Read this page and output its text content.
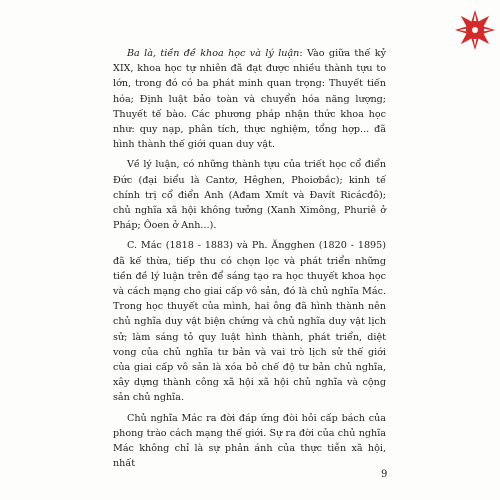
Ba là, tiền đề khoa học và lý luận: Vào giữa thế kỷ XIX, khoa học tự nhiên đã đạt được nhiều thành tựu to lớn, trong đó có ba phát minh quan trọng: Thuyết tiến hóa; Định luật bảo toàn và chuyển hóa năng lượng; Thuyết tế bào. Các phương pháp nhận thức khoa học như: quy nạp, phân tích, thực nghiệm, tổng hợp... đã hình thành thế giới quan duy vật.

Về lý luận, có những thành tựu của triết học cổ điển Đức (đại biểu là Cantơ, Hêghen, Phoiơbắc); kinh tế chính trị cổ điển Anh (Ađam Xmít và Đavít Ricácđô); chủ nghĩa xã hội không tưởng (Xanh Ximông, Phuriê ở Pháp; Ôoen ở Anh...).

C. Mác (1818 - 1883) và Ph. Ăngghen (1820 - 1895) đã kế thừa, tiếp thu có chọn lọc và phát triển những tiền đề lý luận trên để sáng tạo ra học thuyết khoa học và cách mạng cho giai cấp vô sản, đó là chủ nghĩa Mác. Trong học thuyết của mình, hai ông đã hình thành nên chủ nghĩa duy vật biện chứng và chủ nghĩa duy vật lịch sử; làm sáng tỏ quy luật hình thành, phát triển, diệt vong của chủ nghĩa tư bản và vai trò lịch sử thế giới của giai cấp vô sản là xóa bỏ chế độ tư bản chủ nghĩa, xây dựng thành công xã hội xã hội chủ nghĩa và cộng sản chủ nghĩa.

Chủ nghĩa Mác ra đời đáp ứng đòi hỏi cấp bách của phong trào cách mạng thế giới. Sự ra đời của chủ nghĩa Mác không chỉ là sự phản ánh của thực tiễn xã hội, nhất

9
